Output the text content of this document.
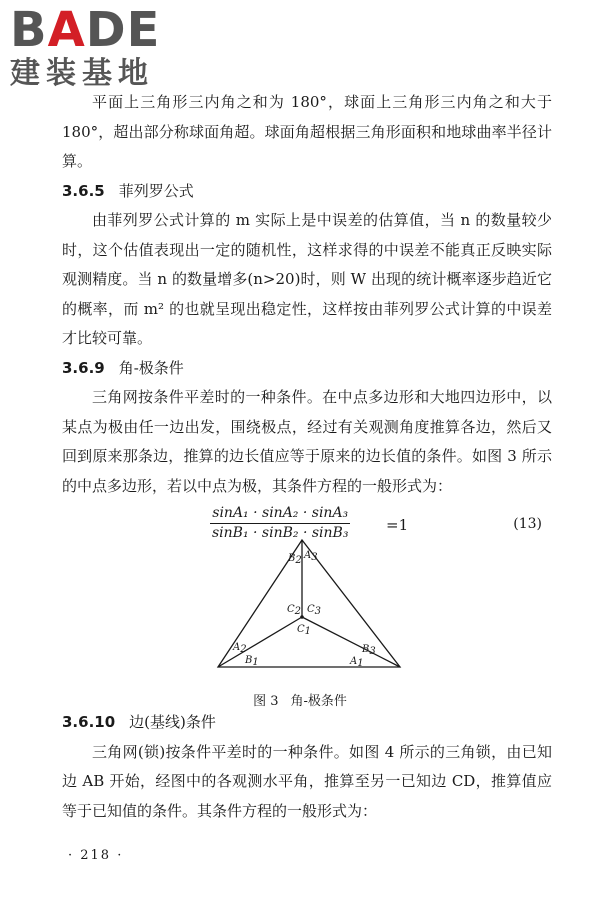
BADE
建装基地

平面上三角形三内角之和为 180°，球面上三角形三内角之和大于 180°，超出部分称球面角超。球面角超根据三角形面积和地球曲率半径计算。

3.6.5 菲列罗公式

由菲列罗公式计算的 m 实际上是中误差的估算值，当 n 的数量较少时，这个估值表现出一定的随机性，这样求得的中误差不能真正反映实际观测精度。当 n 的数量增多(n>20)时，则 W 出现的统计概率逐步趋近它的概率，而 m² 的也就呈现出稳定性，这样按由菲列罗公式计算的中误差才比较可靠。

3.6.9 角-极条件

三角网按条件平差时的一种条件。在中点多边形和大地四边形中，以某点为极由任一边出发，围绕极点，经过有关观测角度推算各边，然后又回到原来那条边，推算的边长值应等于原来的边长值的条件。如图 3 所示的中点多边形，若以中点为极，其条件方程的一般形式为：

$\frac{\text{sinA₁ · sinA₂ · sinA₃}}{\text{sinB₁ · sinB₂ · sinB₃}} =1$	(13)
B2 A3
C2 C3
C1
A2
B1
B3
A1
图 3 角-极条件
3.6.10 边(基线)条件

三角网(锁)按条件平差时的一种条件。如图 4 所示的三角锁，由已知边 AB 开始，经图中的各观测水平角，推算至另一已知边 CD，推算值应等于已知值的条件。其条件方程的一般形式为：

· 218 ·
